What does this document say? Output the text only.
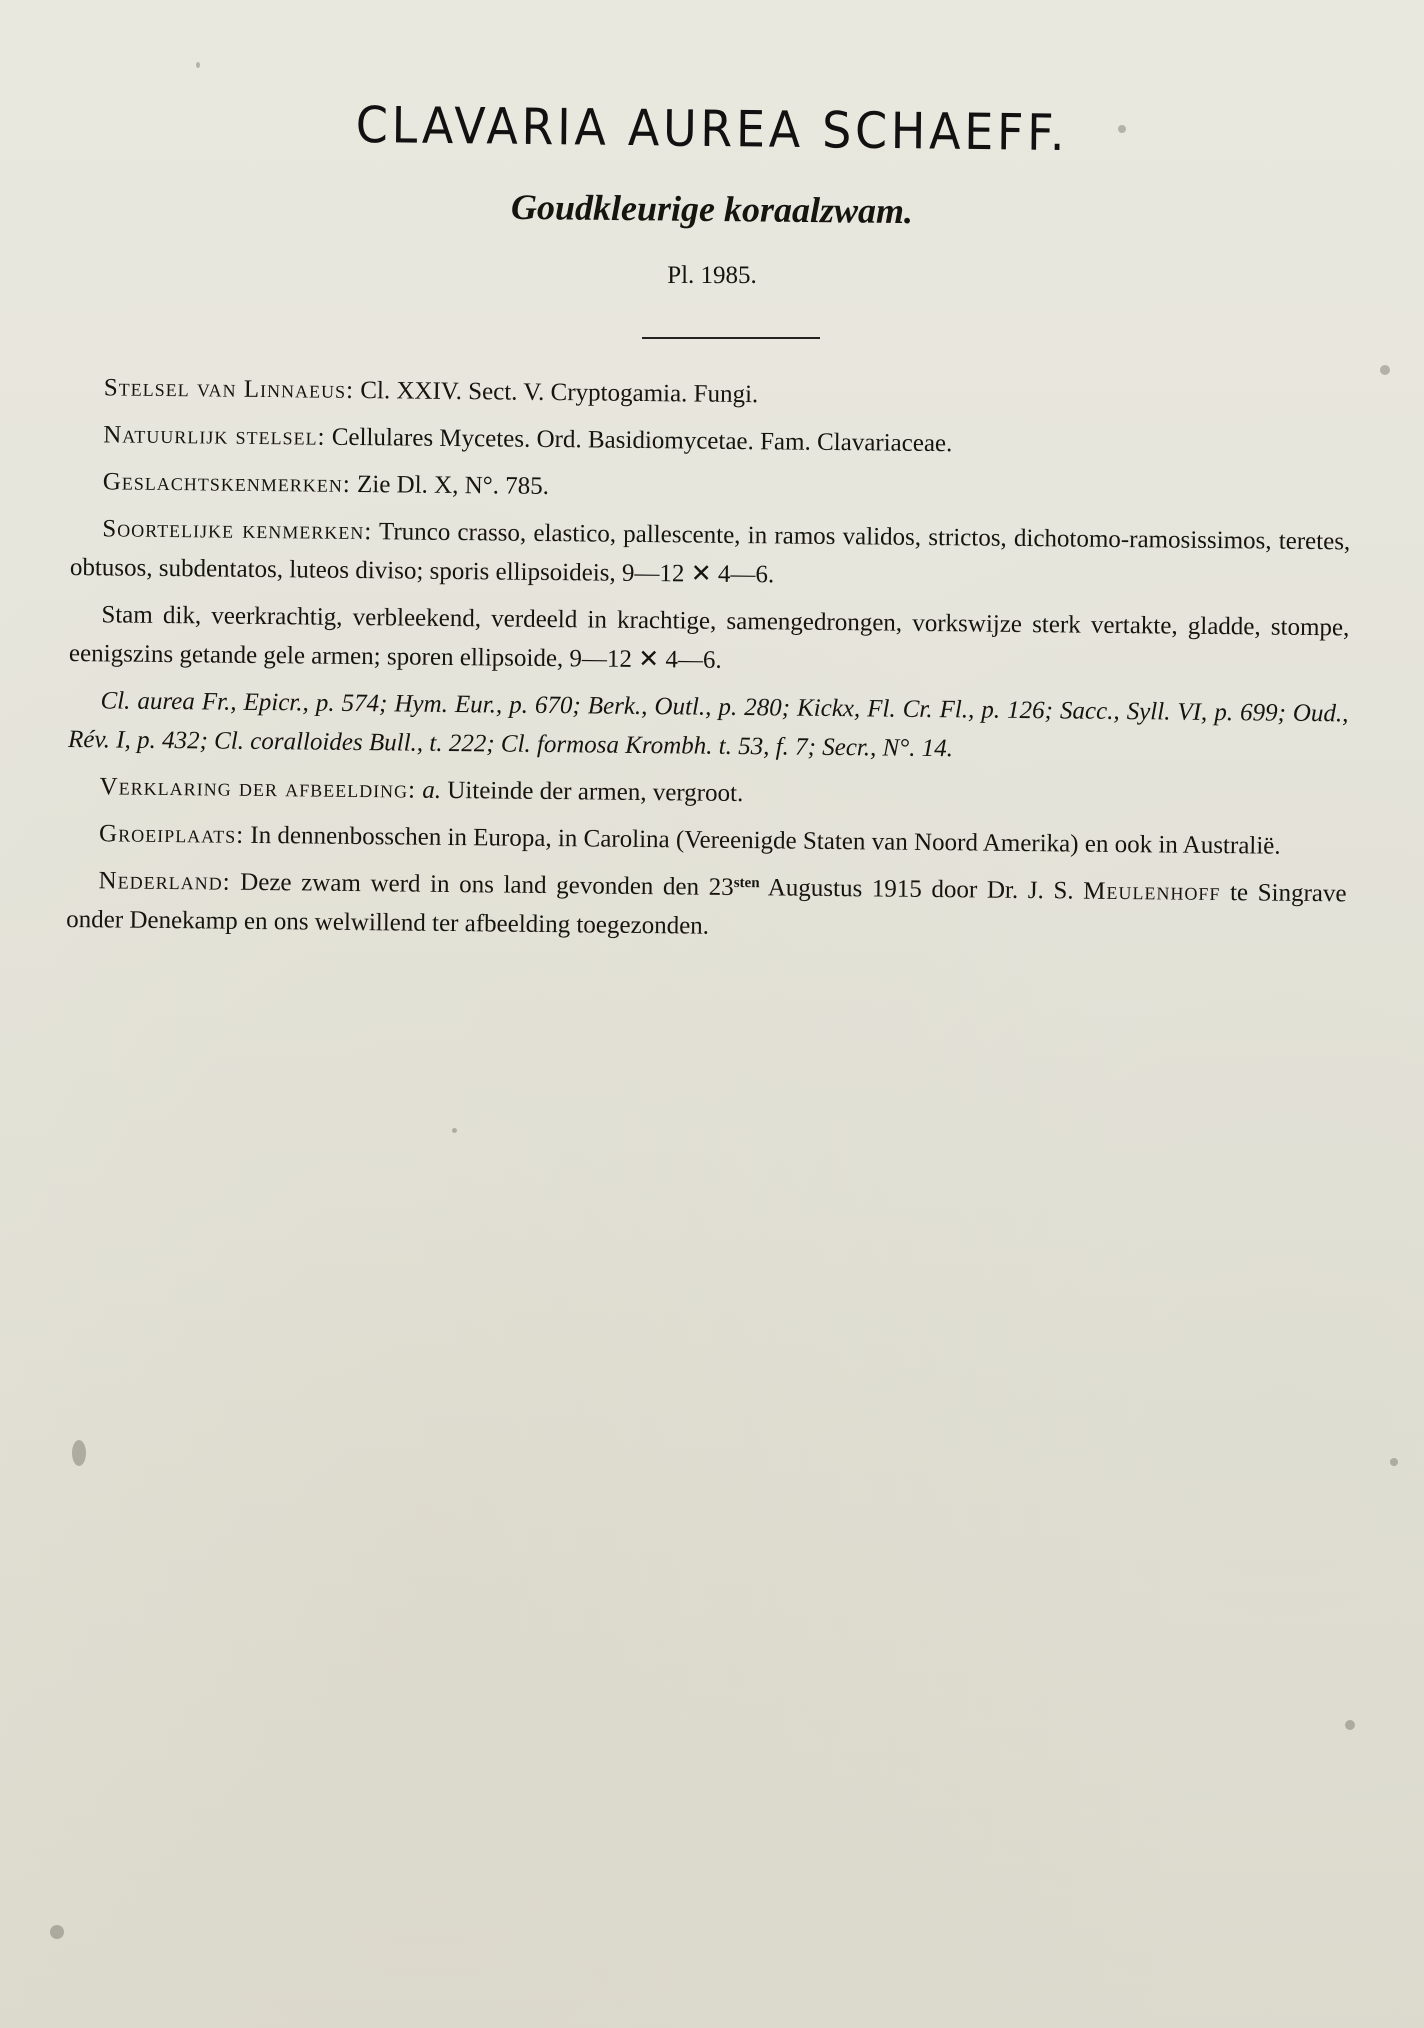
CLAVARIA AUREA SCHAEFF.
Goudkleurige koraalzwam.
Pl. 1985.

Stelsel van Linnaeus: Cl. XXIV. Sect. V. Cryptogamia. Fungi.

Natuurlijk stelsel: Cellulares Mycetes. Ord. Basidiomycetae. Fam. Clavariaceae.

Geslachtskenmerken: Zie Dl. X, N°. 785.

Soortelijke kenmerken: Trunco crasso, elastico, pallescente, in ramos validos, strictos, dichotomo-ramosissimos, teretes, obtusos, subdentatos, luteos diviso; sporis ellipsoideis, 9—12 ✕ 4—6.

Stam dik, veerkrachtig, verbleekend, verdeeld in krachtige, samengedrongen, vorkswijze sterk vertakte, gladde, stompe, eenigszins getande gele armen; sporen ellipsoide, 9—12 ✕ 4—6.

Cl. aurea Fr., Epicr., p. 574; Hym. Eur., p. 670; Berk., Outl., p. 280; Kickx, Fl. Cr. Fl., p. 126; Sacc., Syll. VI, p. 699; Oud., Rév. I, p. 432; Cl. coralloides Bull., t. 222; Cl. formosa Krombh. t. 53, f. 7; Secr., N°. 14.

Verklaring der afbeelding: a. Uiteinde der armen, vergroot.

Groeiplaats: In dennenbosschen in Europa, in Carolina (Vereenigde Staten van Noord Amerika) en ook in Australië.

Nederland: Deze zwam werd in ons land gevonden den $23^{sten}$ Augustus 1915 door Dr. J. S. Meulenhoff te Singrave onder Denekamp en ons welwillend ter afbeelding toegezonden.
